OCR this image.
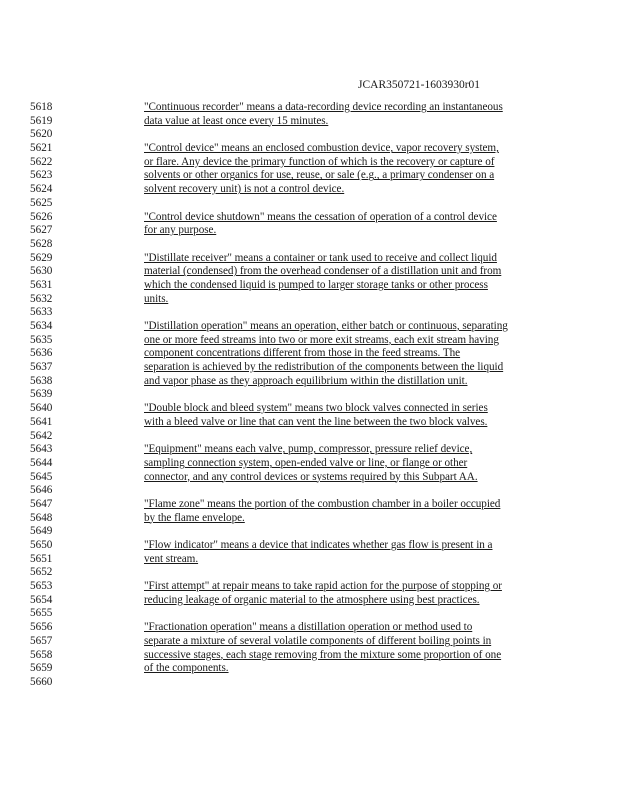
JCAR350721-1603930r01
5618	"Continuous recorder" means a data-recording device recording an instantaneous
5619	data value at least once every 15 minutes.
5620
5621	"Control device" means an enclosed combustion device, vapor recovery system,
5622	or flare. Any device the primary function of which is the recovery or capture of
5623	solvents or other organics for use, reuse, or sale (e.g., a primary condenser on a
5624	solvent recovery unit) is not a control device.
5625
5626	"Control device shutdown" means the cessation of operation of a control device
5627	for any purpose.
5628
5629	"Distillate receiver" means a container or tank used to receive and collect liquid
5630	material (condensed) from the overhead condenser of a distillation unit and from
5631	which the condensed liquid is pumped to larger storage tanks or other process
5632	units.
5633
5634	"Distillation operation" means an operation, either batch or continuous, separating
5635	one or more feed streams into two or more exit streams, each exit stream having
5636	component concentrations different from those in the feed streams. The
5637	separation is achieved by the redistribution of the components between the liquid
5638	and vapor phase as they approach equilibrium within the distillation unit.
5639
5640	"Double block and bleed system" means two block valves connected in series
5641	with a bleed valve or line that can vent the line between the two block valves.
5642
5643	"Equipment" means each valve, pump, compressor, pressure relief device,
5644	sampling connection system, open-ended valve or line, or flange or other
5645	connector, and any control devices or systems required by this Subpart AA.
5646
5647	"Flame zone" means the portion of the combustion chamber in a boiler occupied
5648	by the flame envelope.
5649
5650	"Flow indicator" means a device that indicates whether gas flow is present in a
5651	vent stream.
5652
5653	"First attempt" at repair means to take rapid action for the purpose of stopping or
5654	reducing leakage of organic material to the atmosphere using best practices.
5655
5656	"Fractionation operation" means a distillation operation or method used to
5657	separate a mixture of several volatile components of different boiling points in
5658	successive stages, each stage removing from the mixture some proportion of one
5659	of the components.
5660
